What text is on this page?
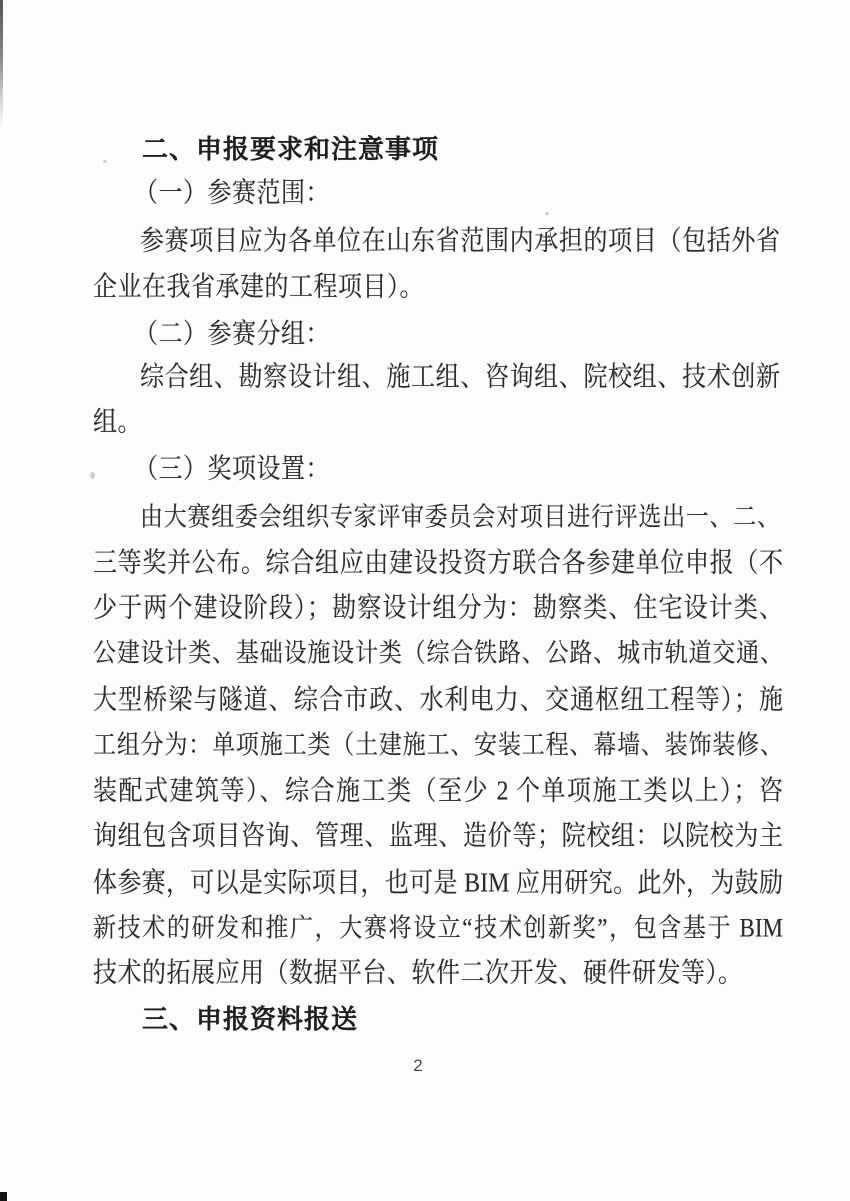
二、申报要求和注意事项
（一）参赛范围：
参赛项目应为各单位在山东省范围内承担的项目（包括外省
企业在我省承建的工程项目）。
（二）参赛分组：
综合组、勘察设计组、施工组、咨询组、院校组、技术创新
组。
（三）奖项设置：
由大赛组委会组织专家评审委员会对项目进行评选出一、二、
三等奖并公布。综合组应由建设投资方联合各参建单位申报（不
少于两个建设阶段）；勘察设计组分为：勘察类、住宅设计类、
公建设计类、基础设施设计类（综合铁路、公路、城市轨道交通、
大型桥梁与隧道、综合市政、水利电力、交通枢纽工程等）；施
工组分为：单项施工类（土建施工、安装工程、幕墙、装饰装修、
装配式建筑等）、综合施工类（至少 2 个单项施工类以上）；咨
询组包含项目咨询、管理、监理、造价等；院校组：以院校为主
体参赛，可以是实际项目，也可是 BIM 应用研究。此外，为鼓励
新技术的研发和推广，大赛将设立“技术创新奖”，包含基于 BIM
技术的拓展应用（数据平台、软件二次开发、硬件研发等）。
三、申报资料报送
2
